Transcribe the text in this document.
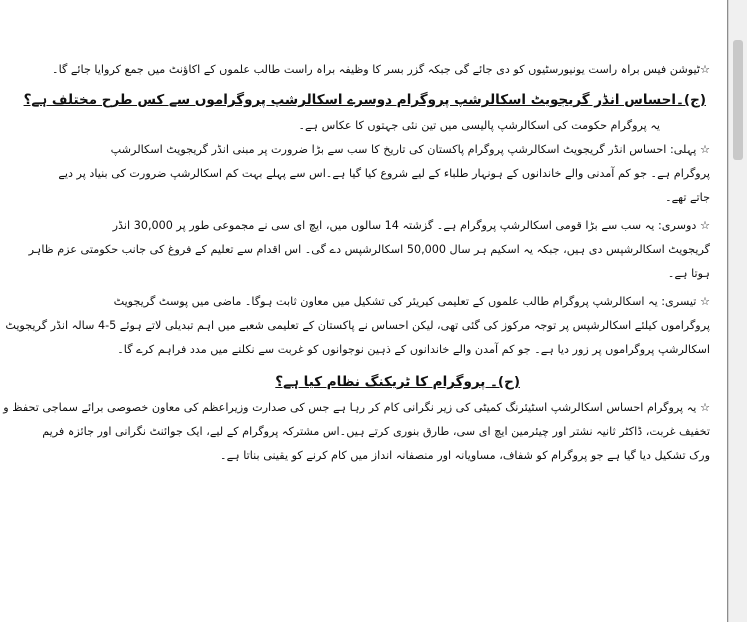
☆ٹیوشن فیس براہ راست یونیورسٹیوں کو دی جائے گی جبکہ گزر بسر کا وظیفہ براہ راست طالب علموں کے اکاؤنٹ میں جمع کروایا جائے گا۔
(ج)۔احساس انڈر گریجویٹ اسکالرشپ پروگرام دوسرے اسکالرشپ پروگراموں سے کس طرح مختلف ہے؟
یہ پروگرام حکومت کی اسکالرشپ پالیسی میں تین نئی جہتوں کا عکاس ہے۔
☆ پہلی: احساس انڈر گریجویٹ اسکالرشپ پروگرام پاکستان کی تاریخ کا سب سے بڑا ضرورت پر مبنی انڈر گریجویٹ اسکالرشپ
پروگرام ہے۔ جو کم آمدنی والے خاندانوں کے ہونہار طلباء کے لیے شروع کیا گیا ہے۔اس سے پہلے بہت کم اسکالرشپ ضرورت کی بنیاد پر دیے
جاتے تھے۔
☆ دوسری: یہ سب سے بڑا قومی اسکالرشپ پروگرام ہے۔ گزشتہ 14 سالوں میں، ایچ ای سی نے مجموعی طور پر 30,000 انڈر
گریجویٹ اسکالرشپس دی ہیں، جبکہ یہ اسکیم ہر سال 50,000 اسکالرشپس دے گی۔ اس اقدام سے تعلیم کے فروغ کی جانب حکومتی عزم ظاہر
ہوتا ہے۔
☆ تیسری: یہ اسکالرشپ پروگرام طالب علموں کے تعلیمی کیریئر کی تشکیل میں معاون ثابت ہوگا۔ ماضی میں پوسٹ گریجویٹ
پروگراموں کیلئے اسکالرشپس پر توجہ مرکوز کی گئی تھی، لیکن احساس نے پاکستان کے تعلیمی شعبے میں اہم تبدیلی لاتے ہوئے 5-4 سالہ انڈر گریجویٹ
اسکالرشپ پروگراموں پر زور دیا ہے۔ جو کم آمدن والے خاندانوں کے ذہین نوجوانوں کو غربت سے نکلنے میں مدد فراہم کرے گا۔
(ح)۔ پروگرام کا ٹریکنگ نظام کیا ہے؟
☆ یہ پروگرام احساس اسکالرشپ اسٹیئرنگ کمیٹی کی زیر نگرانی کام کر رہا ہے جس کی صدارت وزیراعظم کی معاون خصوصی برائے سماجی تحفظ و
تخفیف غربت، ڈاکٹر ثانیہ نشتر اور چیئرمین ایچ ای سی، طارق بنوری کرتے ہیں۔اس مشترکہ پروگرام کے لیے، ایک جوائنٹ نگرانی اور جائزہ فریم
ورک تشکیل دیا گیا ہے جو پروگرام کو شفاف، مساویانہ اور منصفانہ انداز میں کام کرنے کو یقینی بناتا ہے۔
